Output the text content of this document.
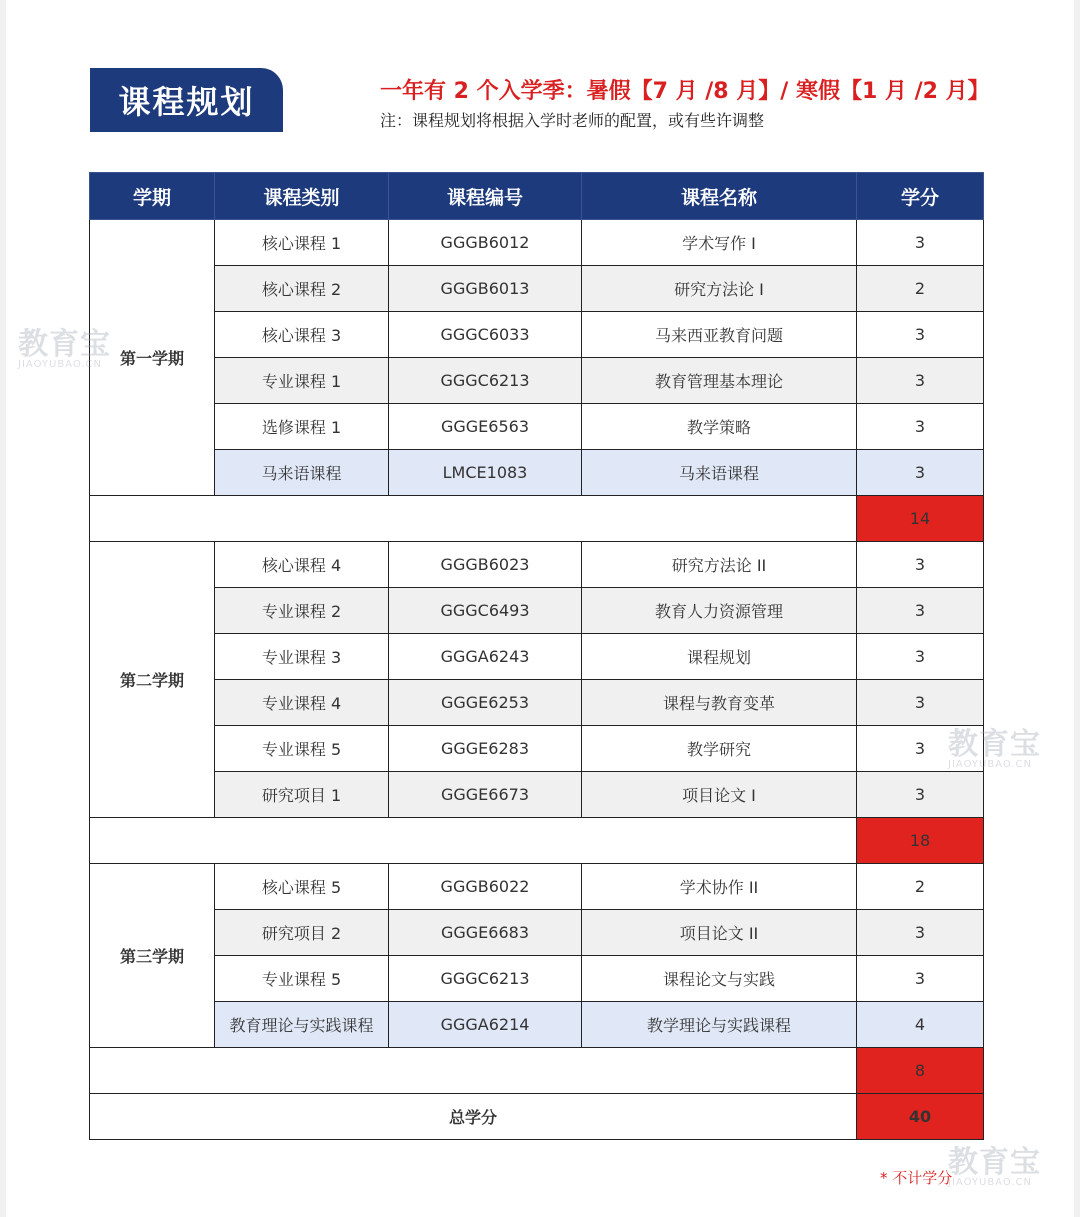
课程规划	一年有 2 个入学季：暑假【7 月 /8 月】/ 寒假【1 月 /2 月】
注：课程规划将根据入学时老师的配置，或有些许调整
学期	课程类别	课程编号	课程名称	学分
第一学期	核心课程 1	GGGB6012	学术写作 I	3
	核心课程 2	GGGB6013	研究方法论 I	2
	核心课程 3	GGGC6033	马来西亚教育问题	3
	专业课程 1	GGGC6213	教育管理基本理论	3
	选修课程 1	GGGE6563	教学策略	3
	马来语课程	LMCE1083	马来语课程	3
				14
第二学期	核心课程 4	GGGB6023	研究方法论 II	3
	专业课程 2	GGGC6493	教育人力资源管理	3
	专业课程 3	GGGA6243	课程规划	3
	专业课程 4	GGGE6253	课程与教育变革	3
	专业课程 5	GGGE6283	教学研究	3
	研究项目 1	GGGE6673	项目论文 I	3
				18
第三学期	核心课程 5	GGGB6022	学术协作 II	2
	研究项目 2	GGGE6683	项目论文 II	3
	专业课程 5	GGGC6213	课程论文与实践	3
	教育理论与实践课程	GGGA6214	教学理论与实践课程	4
				8
总学分				40
* 不计学分
教育宝
JIAOYUBAO.CN
教育宝
JIAOYUBAO.CN
教育宝
JIAOYUBAO.CN
